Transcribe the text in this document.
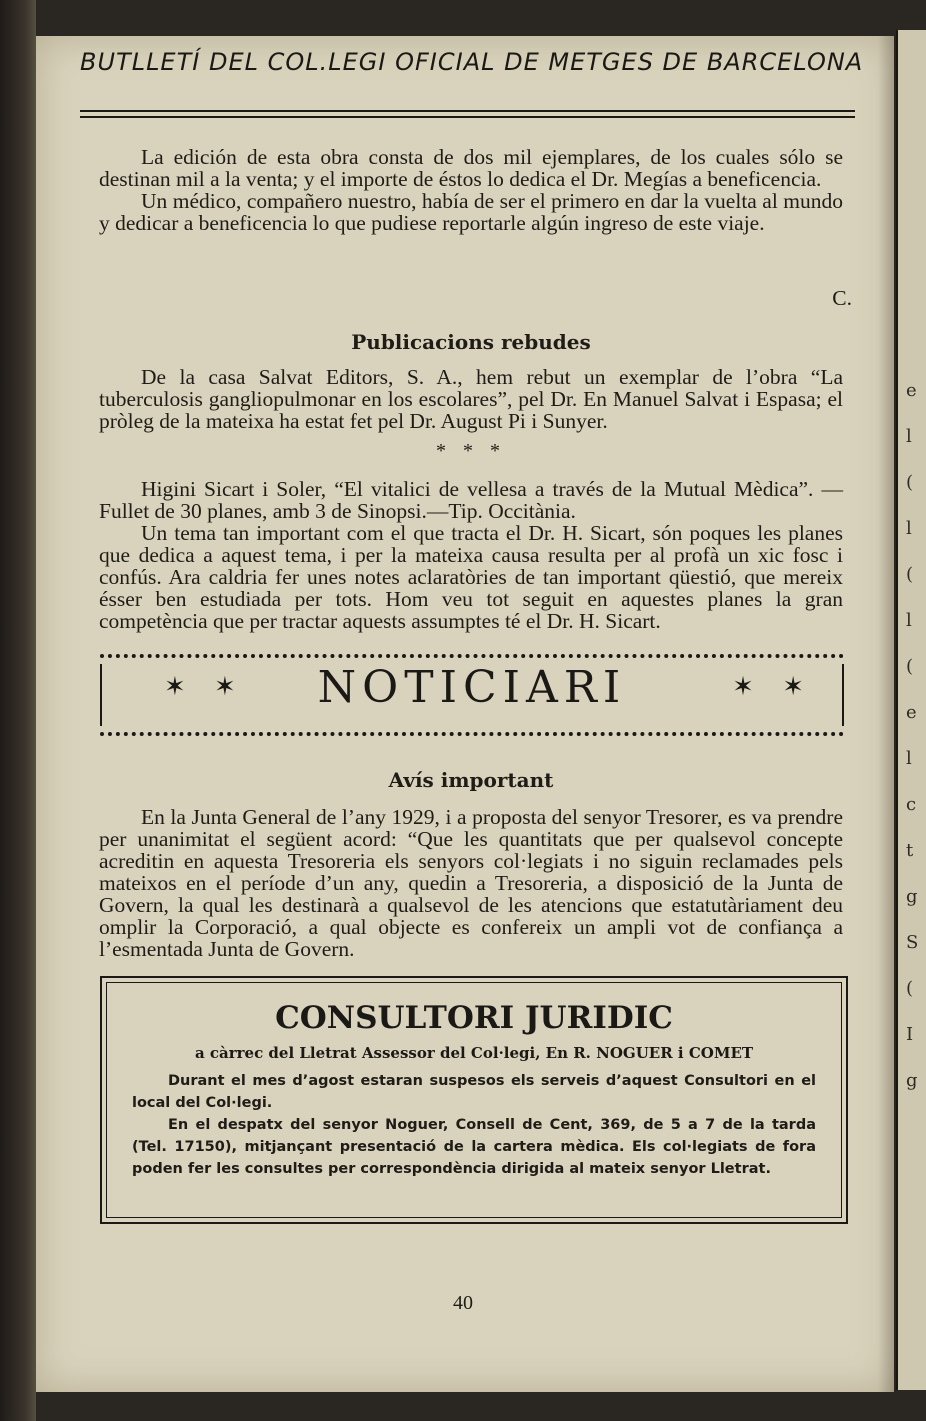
e
l
(
l
(
l
(
e
l
c
t
g
S
(
I
g
BUTLLETÍ DEL COL.LEGI OFICIAL DE METGES DE BARCELONA

La edición de esta obra consta de dos mil ejemplares, de los cuales sólo se destinan mil a la venta; y el importe de éstos lo dedica el Dr. Megías a beneficencia.

Un médico, compañero nuestro, había de ser el primero en dar la vuelta al mundo y dedicar a beneficencia lo que pudiese reportarle algún ingreso de este viaje.

C.
Publicacions rebudes

De la casa Salvat Editors, S. A., hem rebut un exemplar de l’obra “La tuberculosis gangliopulmonar en los escolares”, pel Dr. En Manuel Salvat i Espasa; el pròleg de la mateixa ha estat fet pel Dr. August Pi i Sunyer.

* * *

Higini Sicart i Soler, “El vitalici de vellesa a través de la Mutual Mèdica”. —Fullet de 30 planes, amb 3 de Sinopsi.—Tip. Occitània.

Un tema tan important com el que tracta el Dr. H. Sicart, són poques les planes que dedica a aquest tema, i per la mateixa causa resulta per al profà un xic fosc i confús. Ara caldria fer unes notes aclaratòries de tan important qüestió, que mereix ésser ben estudiada per tots. Hom veu tot seguit en aquestes planes la gran competència que per tractar aquests assumptes té el Dr. H. Sicart.

✶ ✶	NOTICIARI	✶ ✶
Avís important

En la Junta General de l’any 1929, i a proposta del senyor Tresorer, es va prendre per unanimitat el següent acord: “Que les quantitats que per qualsevol concepte acreditin en aquesta Tresoreria els senyors col·legiats i no siguin reclamades pels mateixos en el període d’un any, quedin a Tresoreria, a disposició de la Junta de Govern, la qual les destinarà a qualsevol de les atencions que estatutàriament deu omplir la Corporació, a qual objecte es confereix un ampli vot de confiança a l’esmentada Junta de Govern.

CONSULTORI JURIDIC
a càrrec del Lletrat Assessor del Col·legi, En R. NOGUER i COMET

Durant el mes d’agost estaran suspesos els serveis d’aquest Consultori en el local del Col·legi.

En el despatx del senyor Noguer, Consell de Cent, 369, de 5 a 7 de la tarda (Tel. 17150), mitjançant presentació de la cartera mèdica. Els col·legiats de fora poden fer les consultes per correspondència dirigida al mateix senyor Lletrat.

40
